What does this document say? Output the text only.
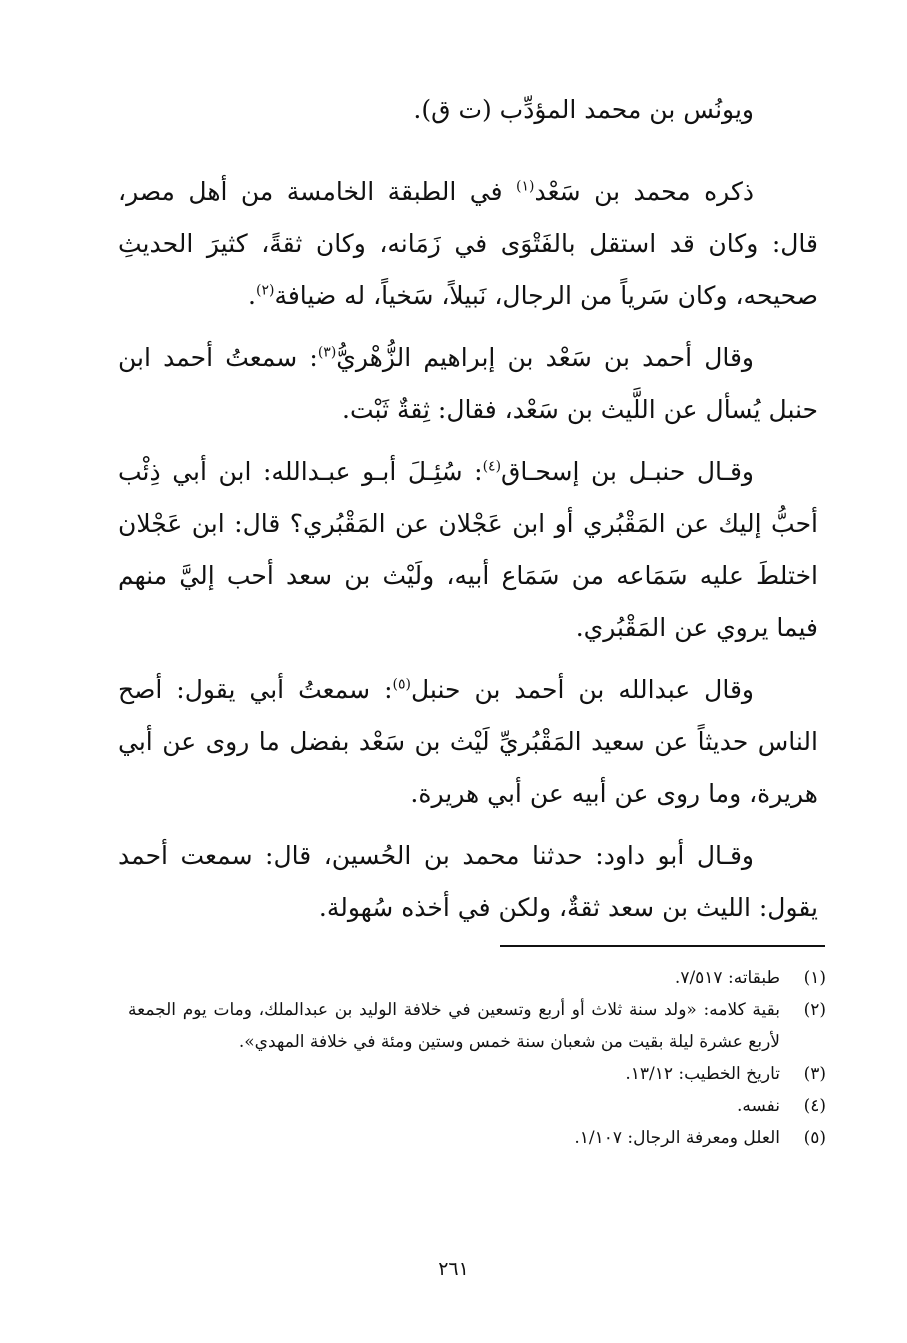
ويونُس بن محمد المؤدِّب (ت ق).

ذكره محمد بن سَعْد$^{(١)}$ في الطبقة الخامسة من أهل مصر، قال: وكان قد استقل بالفَتْوَى في زَمَانه، وكان ثقةً، كثيرَ الحديثِ صحيحه، وكان سَرياً من الرجال، نَبيلاً، سَخياً، له ضيافة$^{(٢)}$.

وقال أحمد بن سَعْد بن إبراهيم الزُّهْريُّ$^{(٣)}$: سمعتُ أحمد ابن حنبل يُسأل عن اللَّيث بن سَعْد، فقال: ثِقةٌ ثَبْت.

وقـال حنبـل بن إسحـاق$^{(٤)}$: سُئِـلَ أبـو عبـدالله: ابن أبي ذِئْب أحبُّ إليك عن المَقْبُري أو ابن عَجْلان عن المَقْبُري؟ قال: ابن عَجْلان اختلطَ عليه سَمَاعه من سَمَاع أبيه، ولَيْث بن سعد أحب إليَّ منهم فيما يروي عن المَقْبُري.

وقال عبدالله بن أحمد بن حنبل$^{(٥)}$: سمعتُ أبي يقول: أصح الناس حديثاً عن سعيد المَقْبُريِّ لَيْث بن سَعْد بفضل ما روى عن أبي هريرة، وما روى عن أبيه عن أبي هريرة.

وقـال أبو داود: حدثنا محمد بن الحُسين، قال: سمعت أحمد يقول: الليث بن سعد ثقةٌ، ولكن في أخذه سُهولة.

(١)
طبقاته: ٧/٥١٧.
(٢)
بقية كلامه: «ولد سنة ثلاث أو أربع وتسعين في خلافة الوليد بن عبدالملك، ومات يوم الجمعة لأربع عشرة ليلة بقيت من شعبان سنة خمس وستين ومئة في خلافة المهدي».
(٣)
تاريخ الخطيب: ١٣/١٢.
(٤)
نفسه.
(٥)
العلل ومعرفة الرجال: ١/١٠٧.
٢٦١
